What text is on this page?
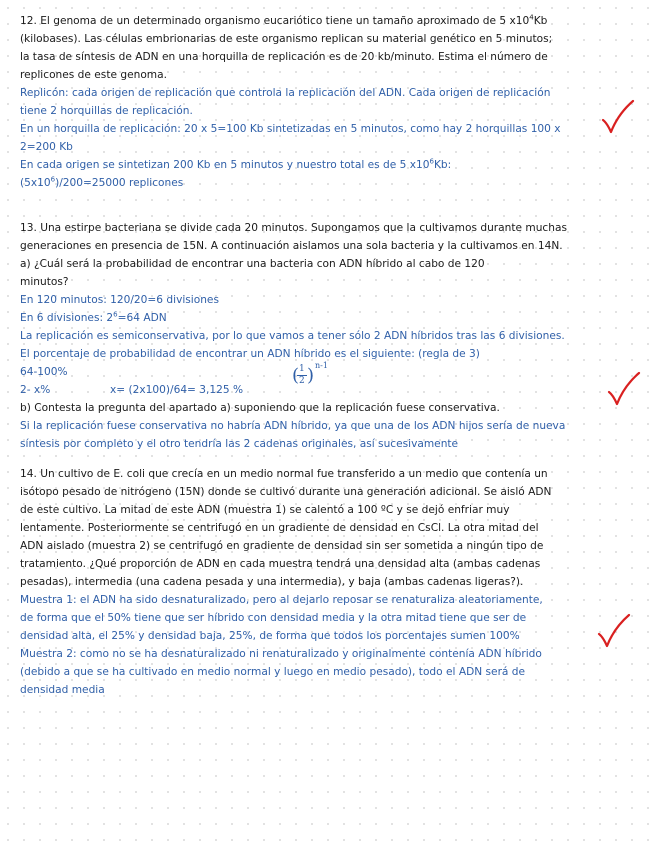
12. El genoma de un determinado organismo eucariótico tiene un tamaño aproximado de 5 $x10^4Kb$
(kilobases). Las células embrionarias de este organismo replican su material genético en 5 minutos;
la tasa de síntesis de ADN en una horquilla de replicación es de 20 kb/minuto. Estima el número de
replicones de este genoma.
Replicón: cada origen de replicación que controla la replicación del ADN. Cada origen de replicación
tiene 2 horquillas de replicación.
En un horquilla de replicación: 20 x 5=100 Kb sintetizadas en 5 minutos, como hay 2 horquillas 100 x
2=200 Kb
En cada origen se sintetizan 200 Kb en 5 minutos y nuestro total es de 5 $x10^6Kb$:
$(5x10^6)/200=25000$ replicones
13. Una estirpe bacteriana se divide cada 20 minutos. Supongamos que la cultivamos durante muchas
generaciones en presencia de 15N. A continuación aislamos una sola bacteria y la cultivamos en 14N.
a) ¿Cuál será la probabilidad de encontrar una bacteria con ADN híbrido al cabo de 120
minutos?
En 120 minutos: 120/20=6 divisiones
En 6 divisiones: $2^6=64$ ADN
La replicación es semiconservativa, por lo que vamos a tener sólo 2 ADN híbridos tras las 6 divisiones.
El porcentaje de probabilidad de encontrar un ADN híbrido es el siguiente: (regla de 3)
64-100%
2- x%	x= (2x100)/64= 3,125 %
( 1
2 ) n-1
b) Contesta la pregunta del apartado a) suponiendo que la replicación fuese conservativa.
Si la replicación fuese conservativa no habría ADN híbrido, ya que una de los ADN hijos sería de nueva
síntesis por completo y el otro tendría las 2 cadenas originales, así sucesivamente
14. Un cultivo de E. coli que crecía en un medio normal fue transferido a un medio que contenía un
isótopo pesado de nitrógeno (15N) donde se cultivó durante una generación adicional. Se aisló ADN
de este cultivo. La mitad de este ADN (muestra 1) se calentó a 100 ºC y se dejó enfriar muy
lentamente. Posteriormente se centrifugó en un gradiente de densidad en CsCl. La otra mitad del
ADN aislado (muestra 2) se centrifugó en gradiente de densidad sin ser sometida a ningún tipo de
tratamiento. ¿Qué proporción de ADN en cada muestra tendrá una densidad alta (ambas cadenas
pesadas), intermedia (una cadena pesada y una intermedia), y baja (ambas cadenas ligeras?).
Muestra 1: el ADN ha sido desnaturalizado, pero al dejarlo reposar se renaturaliza aleatoriamente,
de forma que el 50% tiene que ser híbrido con densidad media y la otra mitad tiene que ser de
densidad alta, el 25% y densidad baja, 25%, de forma que todos los porcentajes sumen 100%
Muestra 2: como no se ha desnaturalizado ni renaturalizado y originalmente contenía ADN híbrido
(debido a que se ha cultivado en medio normal y luego en medio pesado), todo el ADN será de
densidad media
